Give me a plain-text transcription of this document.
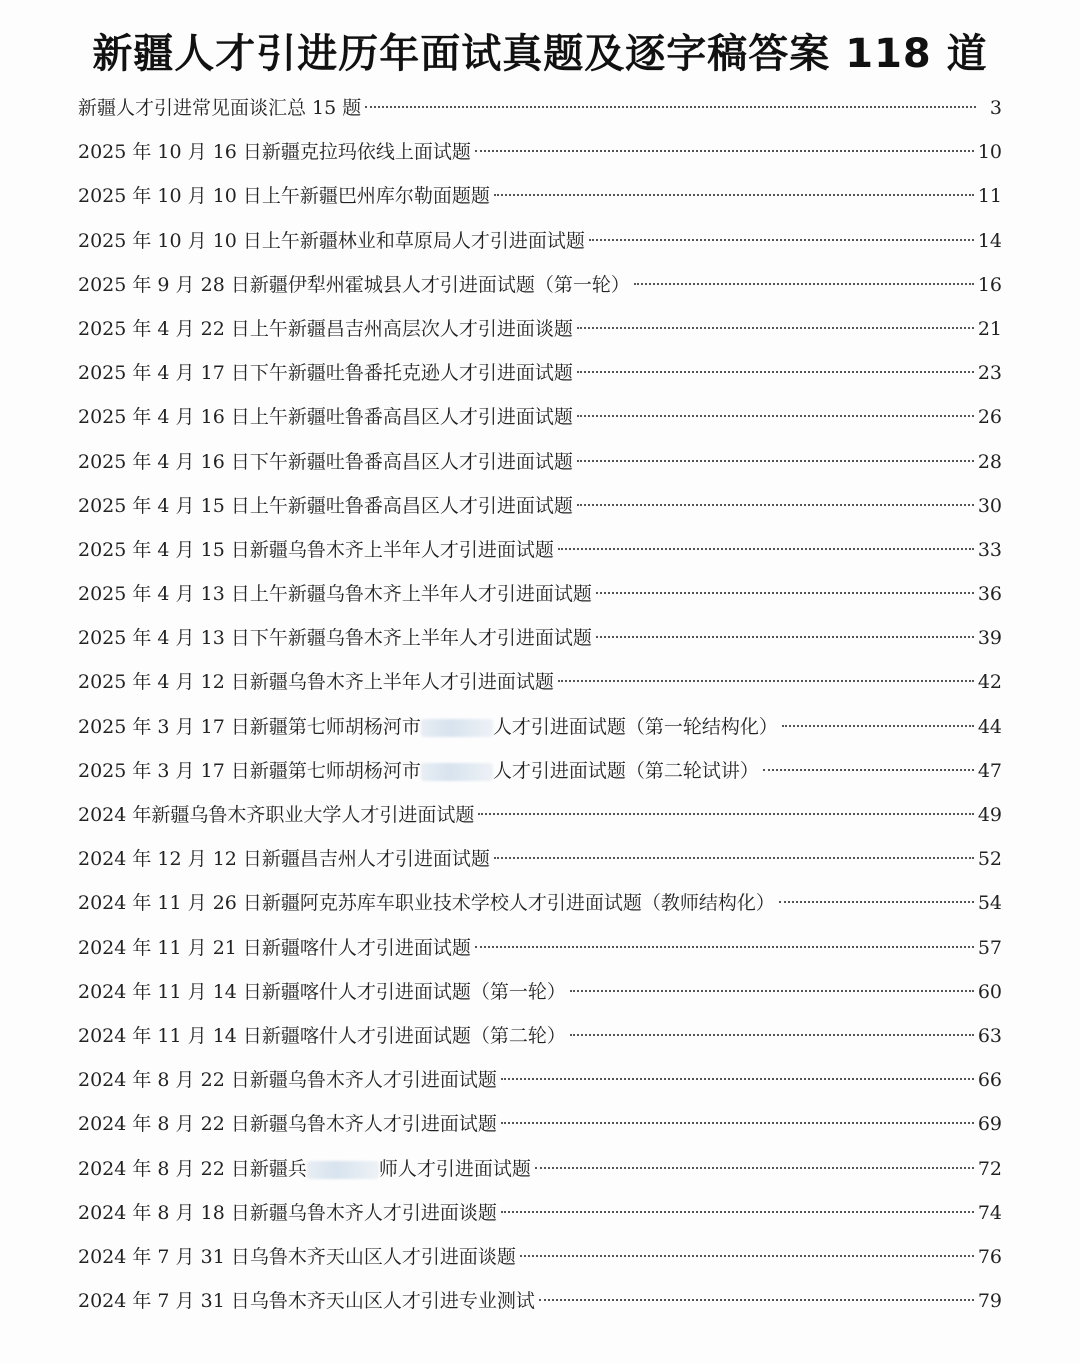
新疆人才引进历年面试真题及逐字稿答案 118 道
新疆人才引进常见面谈汇总 15 题	3
2025 年 10 月 16 日新疆克拉玛依线上面试题	10
2025 年 10 月 10 日上午新疆巴州库尔勒面题题	11
2025 年 10 月 10 日上午新疆林业和草原局人才引进面试题	14
2025 年 9 月 28 日新疆伊犁州霍城县人才引进面试题（第一轮）	16
2025 年 4 月 22 日上午新疆昌吉州高层次人才引进面谈题	21
2025 年 4 月 17 日下午新疆吐鲁番托克逊人才引进面试题	23
2025 年 4 月 16 日上午新疆吐鲁番高昌区人才引进面试题	26
2025 年 4 月 16 日下午新疆吐鲁番高昌区人才引进面试题	28
2025 年 4 月 15 日上午新疆吐鲁番高昌区人才引进面试题	30
2025 年 4 月 15 日新疆乌鲁木齐上半年人才引进面试题	33
2025 年 4 月 13 日上午新疆乌鲁木齐上半年人才引进面试题	36
2025 年 4 月 13 日下午新疆乌鲁木齐上半年人才引进面试题	39
2025 年 4 月 12 日新疆乌鲁木齐上半年人才引进面试题	42
2025 年 3 月 17 日新疆第七师胡杨河市	人才引进面试题（第一轮结构化）	44
2025 年 3 月 17 日新疆第七师胡杨河市	人才引进面试题（第二轮试讲）	47
2024 年新疆乌鲁木齐职业大学人才引进面试题	49
2024 年 12 月 12 日新疆昌吉州人才引进面试题	52
2024 年 11 月 26 日新疆阿克苏库车职业技术学校人才引进面试题（教师结构化）	54
2024 年 11 月 21 日新疆喀什人才引进面试题	57
2024 年 11 月 14 日新疆喀什人才引进面试题（第一轮）	60
2024 年 11 月 14 日新疆喀什人才引进面试题（第二轮）	63
2024 年 8 月 22 日新疆乌鲁木齐人才引进面试题	66
2024 年 8 月 22 日新疆乌鲁木齐人才引进面试题	69
2024 年 8 月 22 日新疆兵	师人才引进面试题	72
2024 年 8 月 18 日新疆乌鲁木齐人才引进面谈题	74
2024 年 7 月 31 日乌鲁木齐天山区人才引进面谈题	76
2024 年 7 月 31 日乌鲁木齐天山区人才引进专业测试	79
